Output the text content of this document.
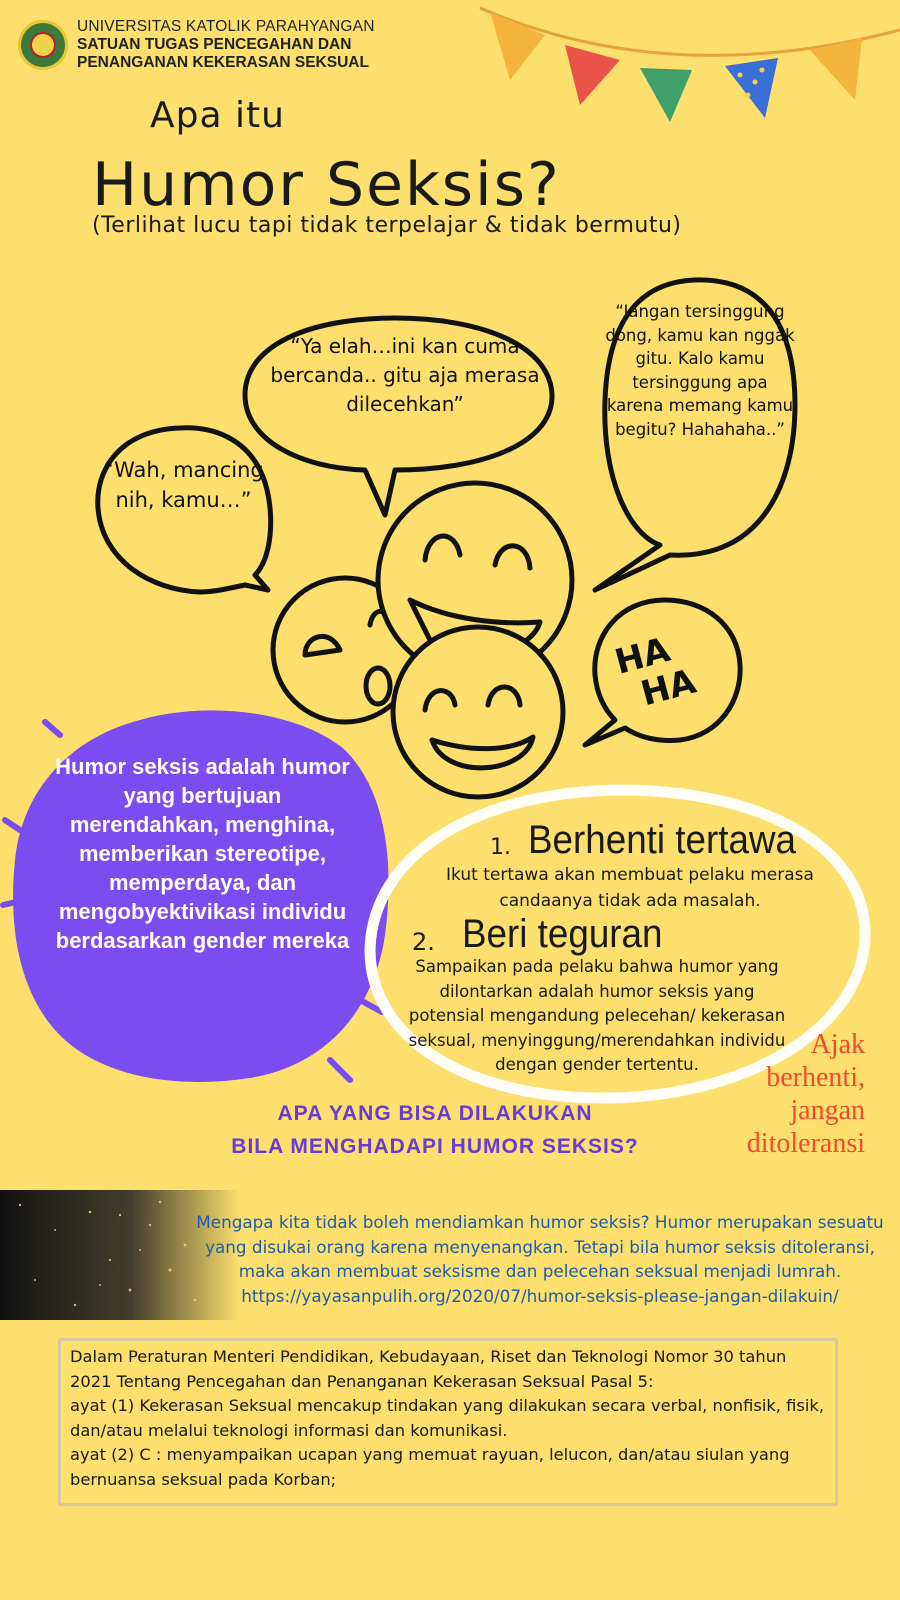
UNIVERSITAS KATOLIK PARAHYANGAN
SATUAN TUGAS PENCEGAHAN DAN
PENANGANAN KEKERASAN SEKSUAL
Apa itu
Humor Seksis?
(Terlihat lucu tapi tidak terpelajar & tidak bermutu)
HA
HA
“Wah, mancing nih, kamu…”
“Ya elah…ini kan cuma bercanda.. gitu aja merasa dilecehkan”
“Jangan tersinggung dong, kamu kan nggak gitu. Kalo kamu tersinggung apa karena memang kamu begitu? Hahahaha..”
Humor seksis adalah humor yang bertujuan merendahkan, menghina, memberikan stereotipe, memperdaya, dan mengobyektivikasi individu berdasarkan gender mereka
1. Berhenti tertawa
Ikut tertawa akan membuat pelaku merasa candaanya tidak ada masalah.
2. Beri teguran
Sampaikan pada pelaku bahwa humor yang dilontarkan adalah humor seksis yang potensial mengandung pelecehan/ kekerasan seksual, menyinggung/merendahkan individu dengan gender tertentu.
Ajak berhenti, jangan ditoleransi
APA YANG BISA DILAKUKAN
BILA MENGHADAPI HUMOR SEKSIS?
Mengapa kita tidak boleh mendiamkan humor seksis? Humor merupakan sesuatu yang disukai orang karena menyenangkan. Tetapi bila humor seksis ditoleransi, maka akan membuat seksisme dan pelecehan seksual menjadi lumrah.
https://yayasanpulih.org/2020/07/humor-seksis-please-jangan-dilakuin/
Dalam Peraturan Menteri Pendidikan, Kebudayaan, Riset dan Teknologi Nomor 30 tahun 2021 Tentang Pencegahan dan Penanganan Kekerasan Seksual Pasal 5:
ayat (1) Kekerasan Seksual mencakup tindakan yang dilakukan secara verbal, nonfisik, fisik, dan/atau melalui teknologi informasi dan komunikasi.
ayat (2) C : menyampaikan ucapan yang memuat rayuan, lelucon, dan/atau siulan yang bernuansa seksual pada Korban;
